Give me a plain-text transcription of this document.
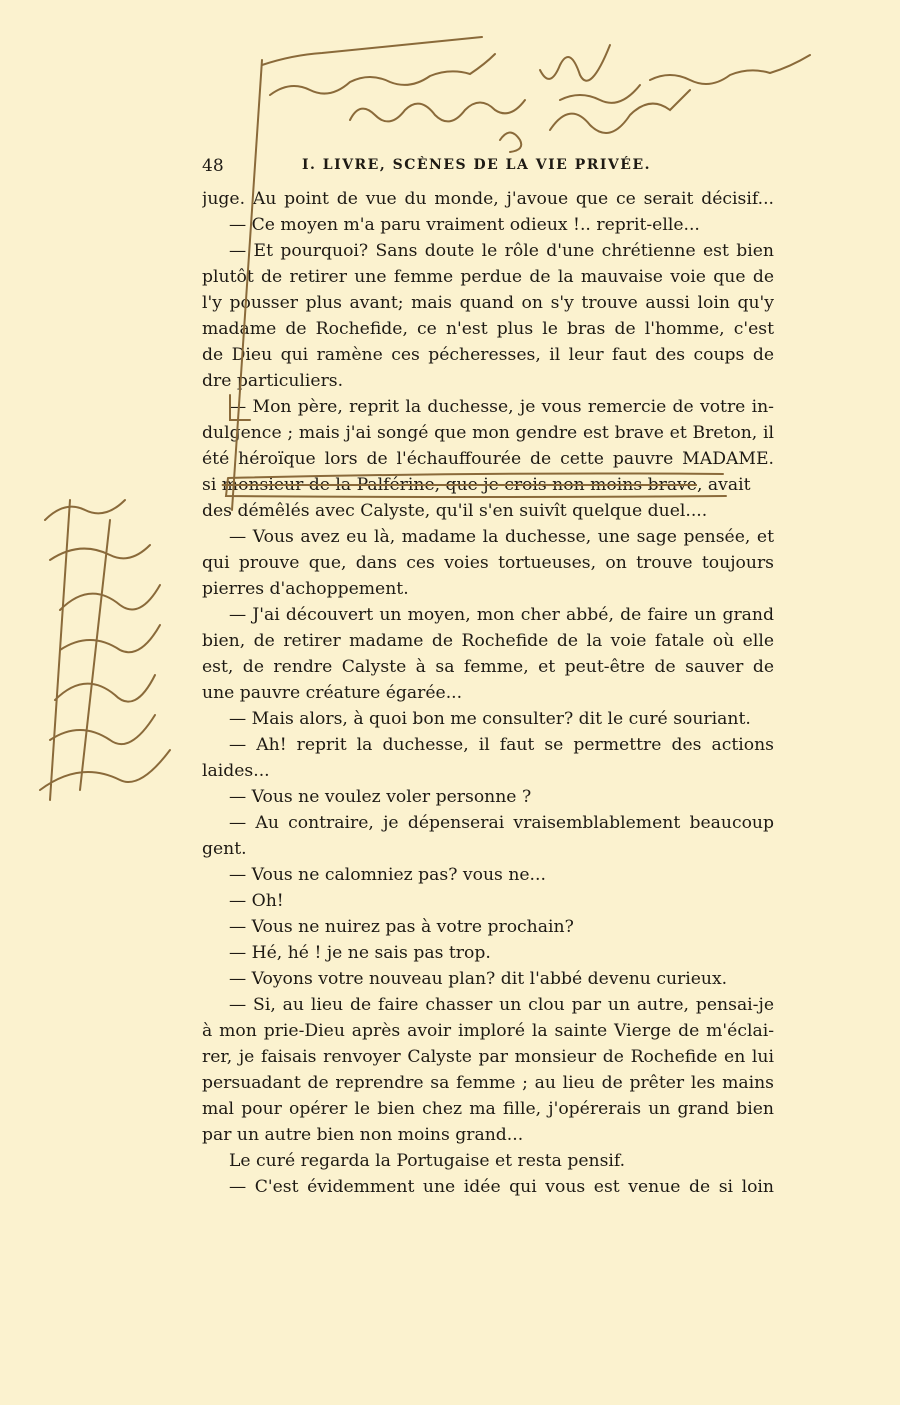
48	I. LIVRE, SCÈNES DE LA VIE PRIVÉE.
juge. Au point de vue du monde, j'avoue que ce serait décisif...
— Ce moyen m'a paru vraiment odieux !.. reprit-elle...
— Et pourquoi? Sans doute le rôle d'une chrétienne est bien
plutôt de retirer une femme perdue de la mauvaise voie que de
l'y pousser plus avant; mais quand on s'y trouve aussi loin qu'y
madame de Rochefide, ce n'est plus le bras de l'homme, c'est
de Dieu qui ramène ces pécheresses, il leur faut des coups de
dre particuliers.
— Mon père, reprit la duchesse, je vous remercie de votre in-
dulgence ; mais j'ai songé que mon gendre est brave et Breton, il
été héroïque lors de l'échauffourée de cette pauvre MADAME.
si monsieur de la Palférine, que je crois non moins brave, avait
des démêlés avec Calyste, qu'il s'en suivît quelque duel....
— Vous avez eu là, madame la duchesse, une sage pensée, et
qui prouve que, dans ces voies tortueuses, on trouve toujours
pierres d'achoppement.
— J'ai découvert un moyen, mon cher abbé, de faire un grand
bien, de retirer madame de Rochefide de la voie fatale où elle
est, de rendre Calyste à sa femme, et peut-être de sauver de
une pauvre créature égarée...
— Mais alors, à quoi bon me consulter? dit le curé souriant.
— Ah! reprit la duchesse, il faut se permettre des actions
laides...
— Vous ne voulez voler personne ?
— Au contraire, je dépenserai vraisemblablement beaucoup
gent.
— Vous ne calomniez pas? vous ne...
— Oh!
— Vous ne nuirez pas à votre prochain?
— Hé, hé ! je ne sais pas trop.
— Voyons votre nouveau plan? dit l'abbé devenu curieux.
— Si, au lieu de faire chasser un clou par un autre, pensai-je
à mon prie-Dieu après avoir imploré la sainte Vierge de m'éclai-
rer, je faisais renvoyer Calyste par monsieur de Rochefide en lui
persuadant de reprendre sa femme ; au lieu de prêter les mains
mal pour opérer le bien chez ma fille, j'opérerais un grand bien
par un autre bien non moins grand...
Le curé regarda la Portugaise et resta pensif.
— C'est évidemment une idée qui vous est venue de si loin
